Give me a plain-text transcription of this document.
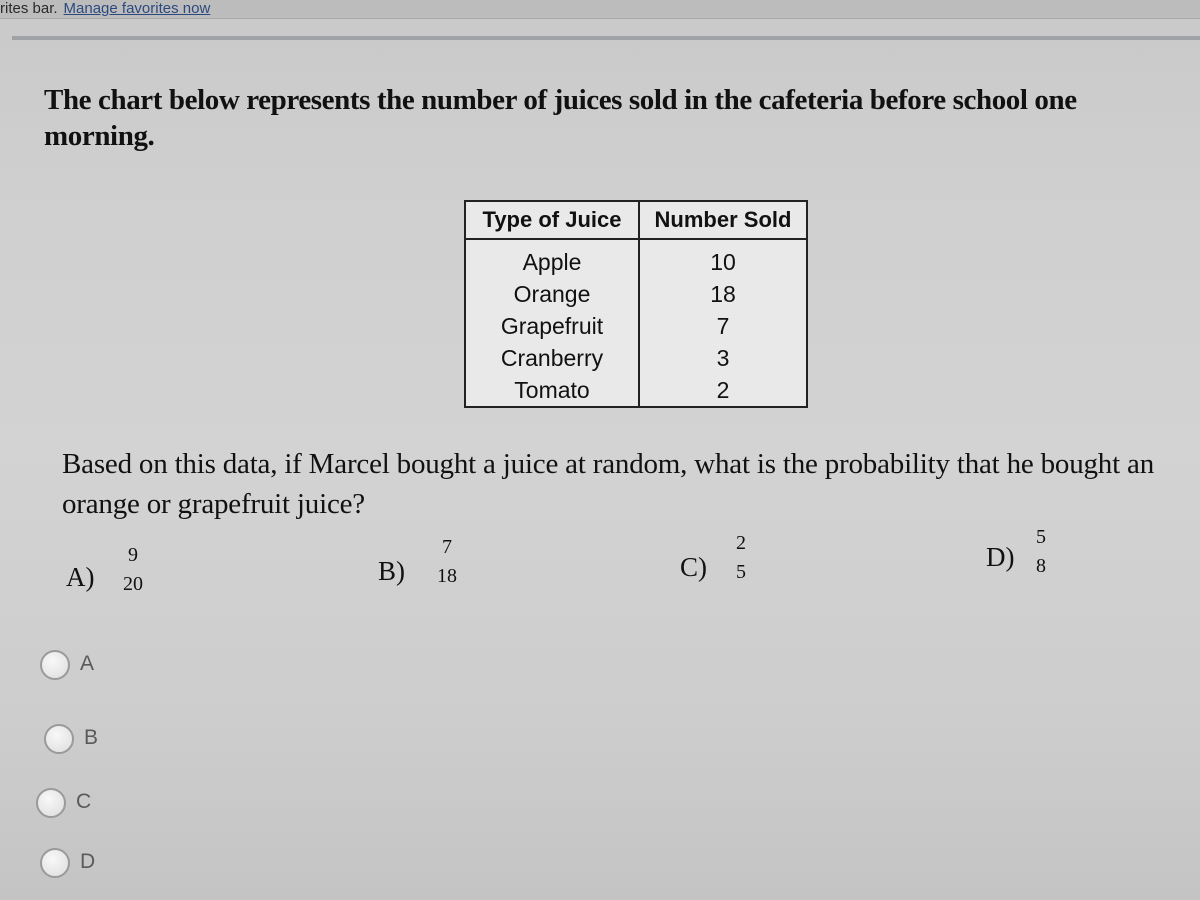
rites bar. Manage favorites now
The chart below represents the number of juices sold in the cafeteria before school one morning.
Type of Juice	Number Sold
Apple	10
Orange	18
Grapefruit	7
Cranberry	3
Tomato	2
Based on this data, if Marcel bought a juice at random, what is the probability that he bought an orange or grapefruit juice?
A)
9
20	B)
7
18	C)
2
5	D)
5
8
A
B
C
D
